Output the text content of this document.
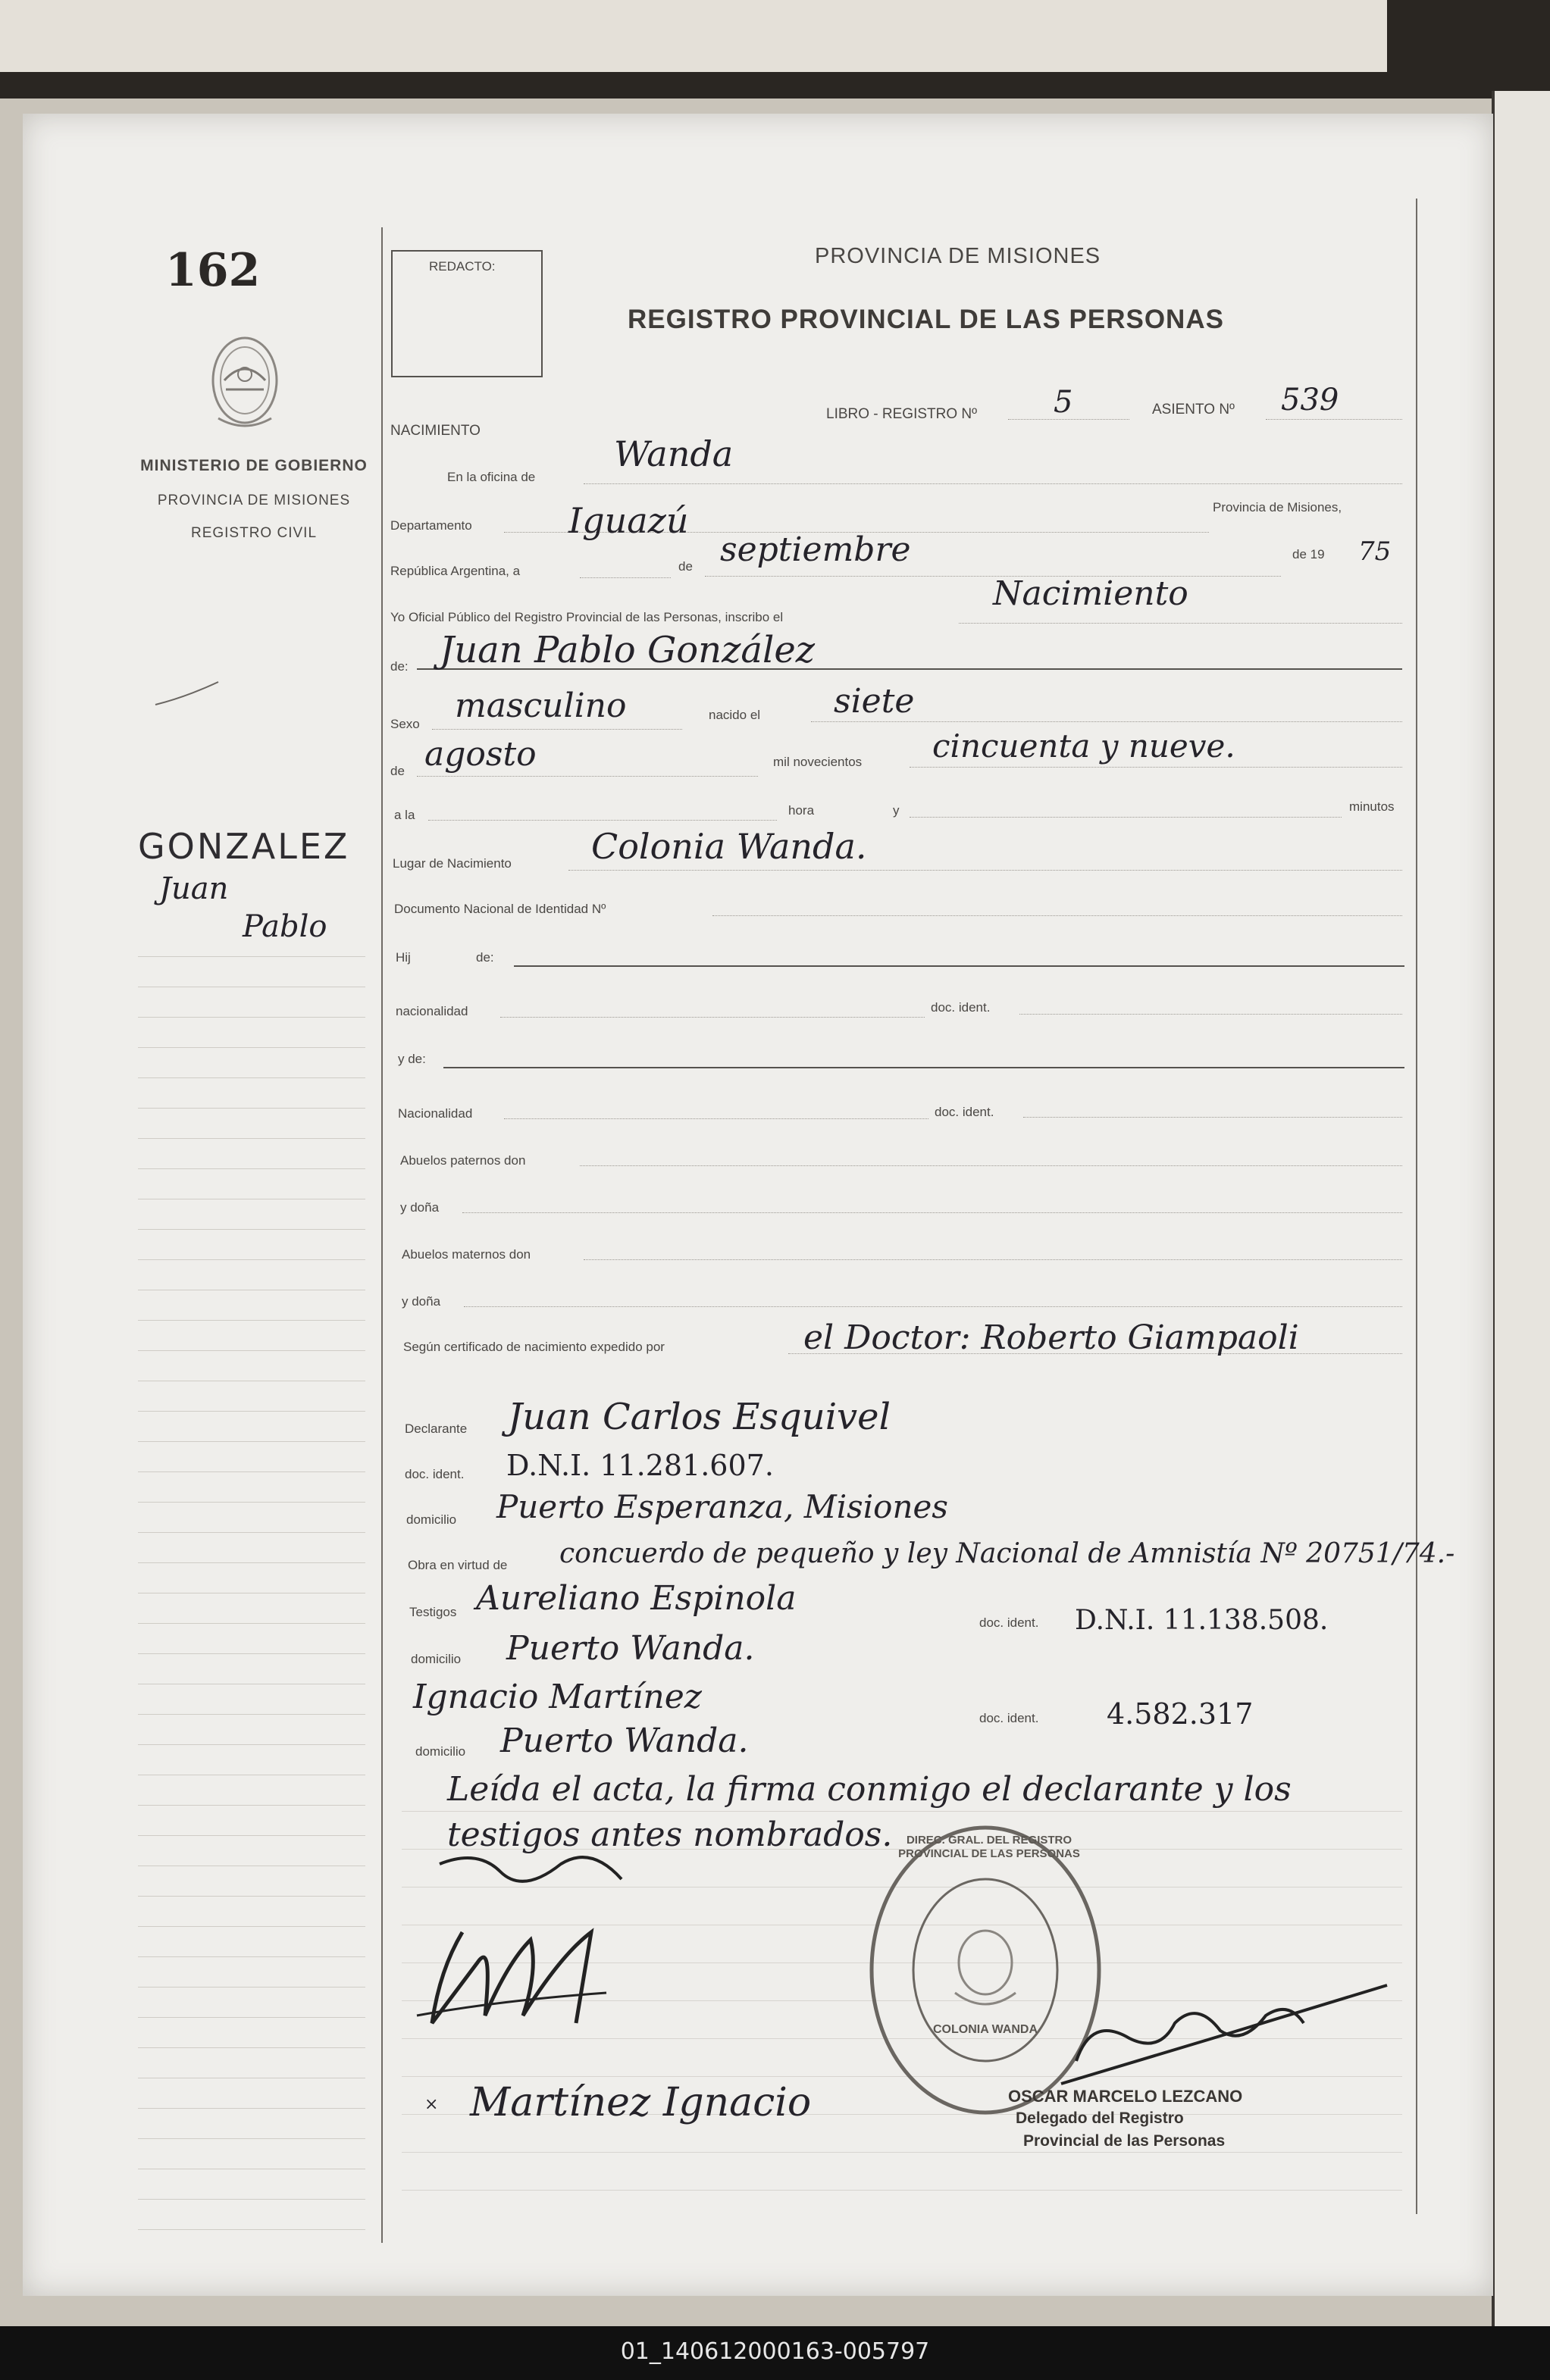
162
MINISTERIO DE GOBIERNO
PROVINCIA DE MISIONES
REGISTRO CIVIL
GONZALEZ
Juan
Pablo
REDACTO:	PROVINCIA DE MISIONES
REGISTRO PROVINCIAL DE LAS PERSONAS
NACIMIENTO
LIBRO - REGISTRO Nº	5	ASIENTO Nº 539
En la oficina de
Wanda
Departamento	Iguazú	Provincia de Misiones,
República Argentina, a	de septiembre	de 19 75
Yo Oficial Público del Registro Provincial de las Personas, inscribo el
Nacimiento
de: Juan Pablo González
Sexo masculino	nacido el siete
de agosto	mil novecientos cincuenta y nueve.
a la	hora	y	minutos
Lugar de Nacimiento Colonia Wanda.
Documento Nacional de Identidad Nº
Hij	de:
nacionalidad	doc. ident.
y de:
Nacionalidad	doc. ident.
Abuelos paternos don
y doña
Abuelos maternos don
y doña
Según certificado de nacimiento expedido por	el Doctor: Roberto Giampaoli
Declarante Juan Carlos Esquivel
doc. ident. D.N.I. 11.281.607.
domicilio Puerto Esperanza, Misiones
Obra en virtud de concuerdo de pequeño y ley Nacional de Amnistía Nº 20751/74.-
Testigos Aureliano Espinola
doc. ident. D.N.I. 11.138.508.
domicilio Puerto Wanda.
Ignacio Martínez
doc. ident. 4.582.317
domicilio Puerto Wanda.
Leída el acta, la firma conmigo el declarante y los
testigos antes nombrados.
× Martínez Ignacio
DIREC. GRAL. DEL REGISTRO PROVINCIAL DE LAS PERSONAS
COLONIA WANDA
OSCAR MARCELO LEZCANO
Delegado del Registro
Provincial de las Personas
01_140612000163-005797
